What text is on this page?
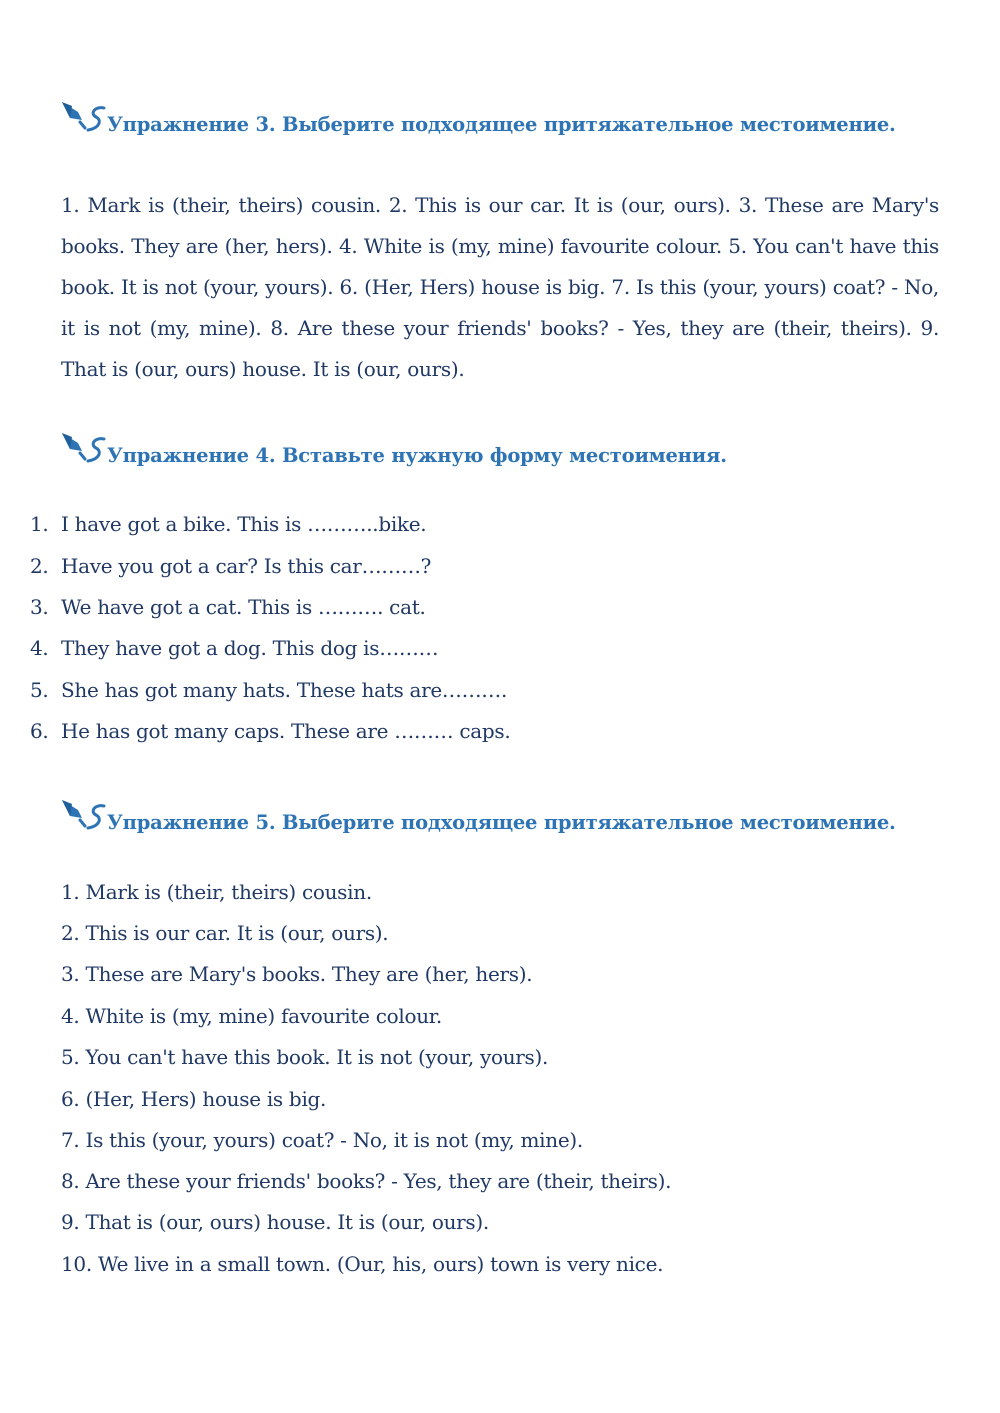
Упражнение 3. Выберите подходящее притяжательное местоимение.
1. Mark is (their, theirs) cousin. 2. This is our car. It is (our, ours). 3. These are Mary's books. They are (her, hers). 4. White is (my, mine) favourite colour. 5. You can't have this book. It is not (your, yours). 6. (Her, Hers) house is big. 7. Is this (your, yours) coat? - No, it is not (my, mine). 8. Are these your friends' books? - Yes, they are (their, theirs). 9. That is (our, ours) house. It is (our, ours).
Упражнение 4. Вставьте нужную форму местоимения.
1. I have got a bike. This is ………..bike.
2. Have you got a car? Is this car………?
3. We have got a cat. This is ………. cat.
4. They have got a dog. This dog is………
5. She has got many hats. These hats are……….
6. He has got many caps. These are ……… caps.
Упражнение 5. Выберите подходящее притяжательное местоимение.
1. Mark is (their, theirs) cousin.
2. This is our car. It is (our, ours).
3. These are Mary's books. They are (her, hers).
4. White is (my, mine) favourite colour.
5. You can't have this book. It is not (your, yours).
6. (Her, Hers) house is big.
7. Is this (your, yours) coat? - No, it is not (my, mine).
8. Are these your friends' books? - Yes, they are (their, theirs).
9. That is (our, ours) house. It is (our, ours).
10. We live in a small town. (Our, his, ours) town is very nice.
